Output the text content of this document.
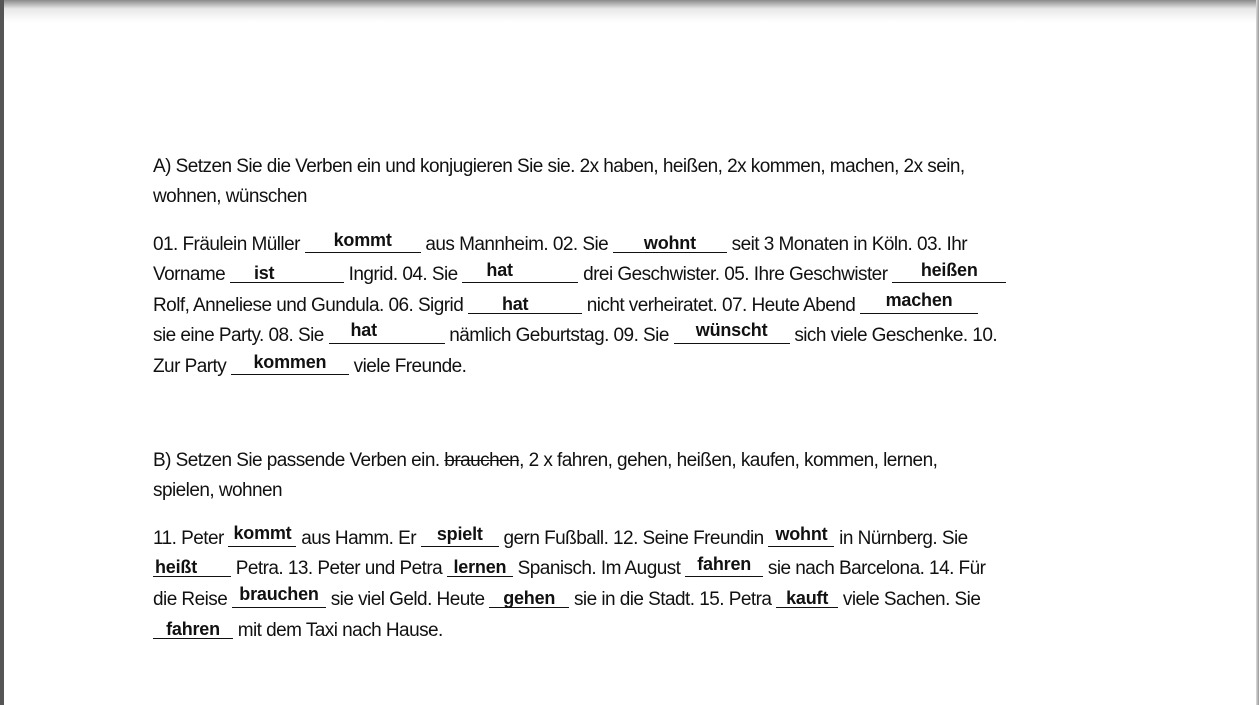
A) Setzen Sie die Verben ein und konjugieren Sie sie. 2x haben, heißen, 2x kommen, machen, 2x sein,
wohnen, wünschen
01. Fräulein Müller	kommt	aus Mannheim. 02. Sie	wohnt	seit 3 Monaten in Köln. 03. Ihr
Vorname	ist	Ingrid. 04. Sie	hat	drei Geschwister. 05. Ihre Geschwister	heißen
Rolf, Anneliese und Gundula. 06. Sigrid	hat	nicht verheiratet. 07. Heute Abend	machen
sie eine Party. 08. Sie	hat	nämlich Geburtstag. 09. Sie	wünscht	sich viele Geschenke. 10.
Zur Party	kommen	viele Freunde.
B) Setzen Sie passende Verben ein. brauchen, 2 x fahren, gehen, heißen, kaufen, kommen, lernen,
spielen, wohnen
11. Peter kommt aus Hamm. Er	spielt	gern Fußball. 12. Seine Freundin wohnt in Nürnberg. Sie
heißt	Petra. 13. Peter und Petra lernen Spanisch. Im August fahren sie nach Barcelona. 14. Für
die Reise brauchen sie viel Geld. Heute	gehen sie in die Stadt. 15. Petra kauft viele Sachen. Sie
fahren mit dem Taxi nach Hause.
